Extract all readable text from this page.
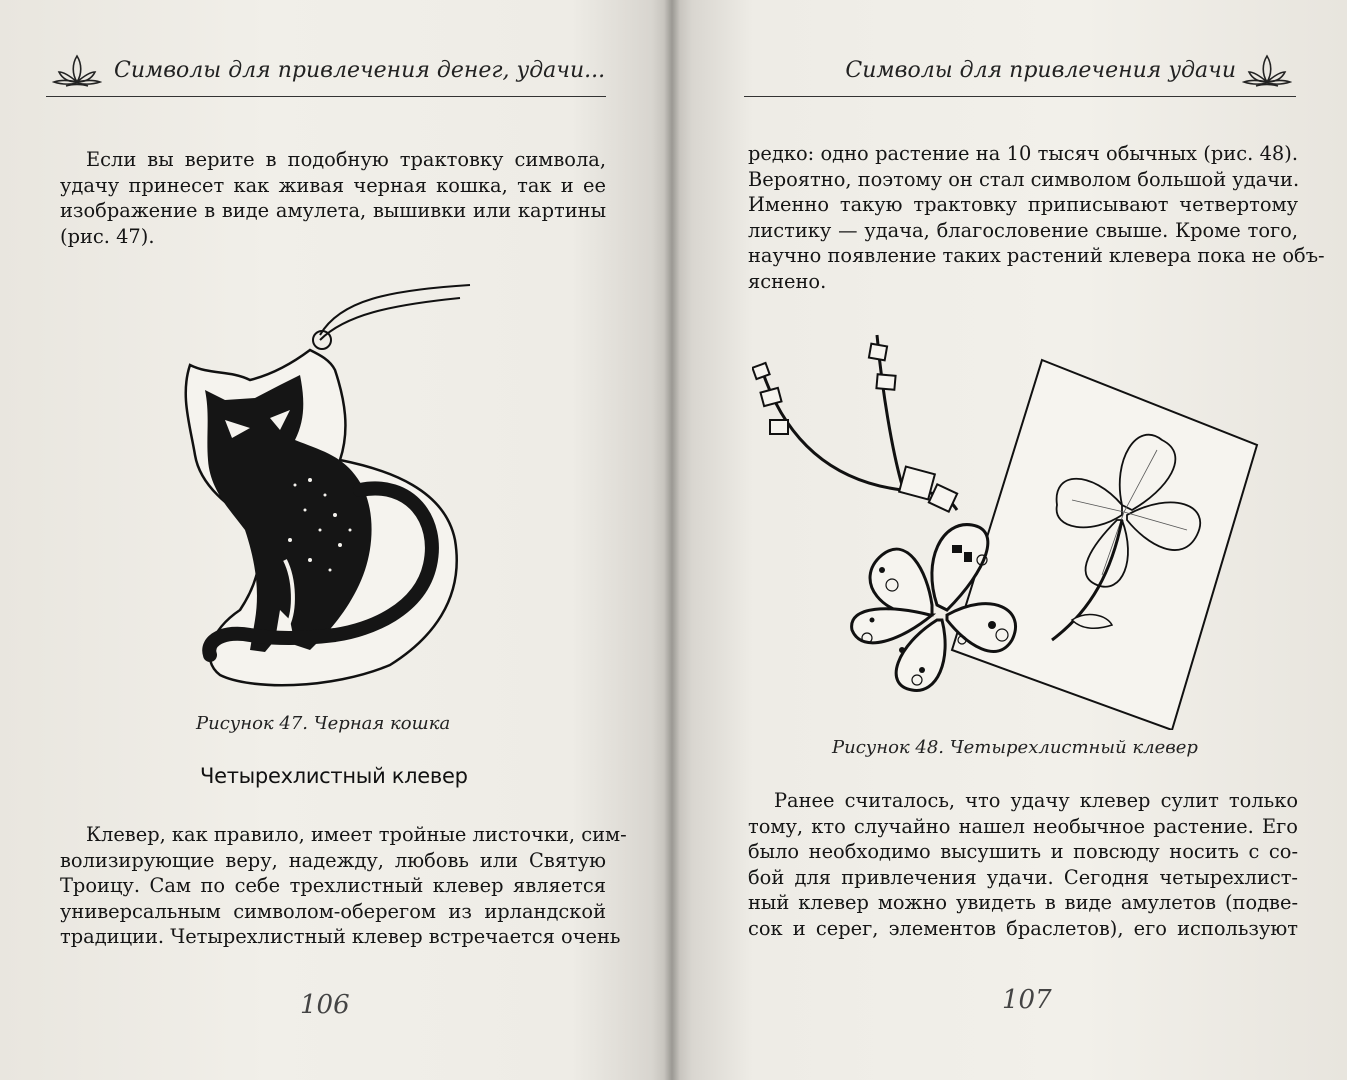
Символы для привлечения денег, удачи...
Если вы верите в подобную трактовку символа,
удачу принесет как живая черная кошка, так и ее
изображение в виде амулета, вышивки или картины
(рис. 47).
Рисунок 47. Черная кошка
Четырехлистный клевер
Клевер, как правило, имеет тройные листочки, сим-
волизирующие веру, надежду, любовь или Святую
Троицу. Сам по себе трехлистный клевер является
универсальным символом-оберегом из ирландской
традиции. Четырехлистный клевер встречается очень
106
Символы для привлечения удачи
редко: одно растение на 10 тысяч обычных (рис. 48).
Вероятно, поэтому он стал символом большой удачи.
Именно такую трактовку приписывают четвертому
листику — удача, благословение свыше. Кроме того,
научно появление таких растений клевера пока не объ-
яснено.
Рисунок 48. Четырехлистный клевер
Ранее считалось, что удачу клевер сулит только
тому, кто случайно нашел необычное растение. Его
было необходимо высушить и повсюду носить с со-
бой для привлечения удачи. Сегодня четырехлист-
ный клевер можно увидеть в виде амулетов (подве-
сок и серег, элементов браслетов), его используют
107
